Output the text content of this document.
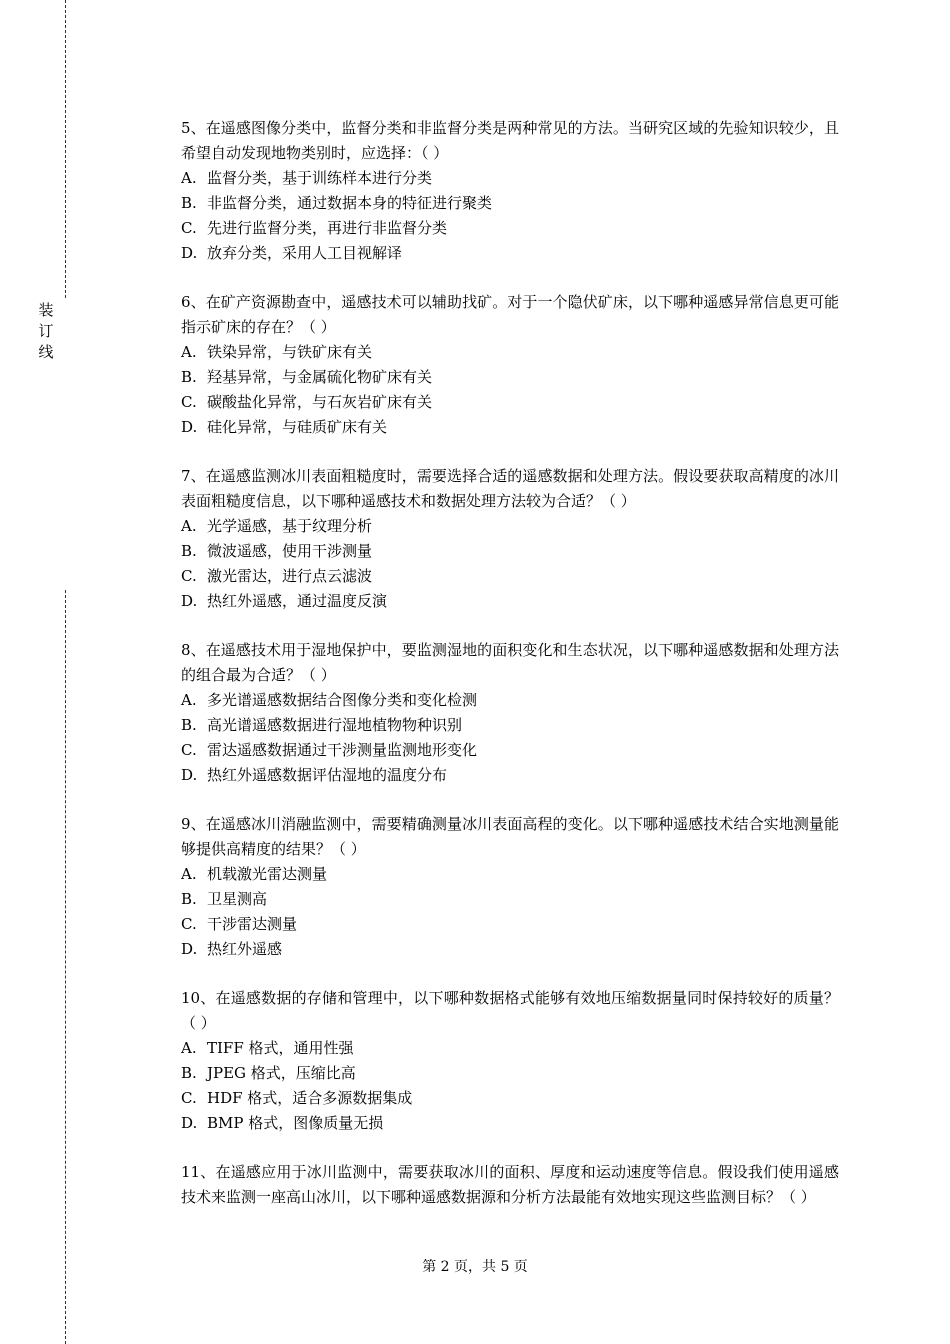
装
订
线
5、在遥感图像分类中，监督分类和非监督分类是两种常见的方法。当研究区域的先验知识较少，且希望自动发现地物类别时，应选择：（ ）
A. 监督分类，基于训练样本进行分类
B. 非监督分类，通过数据本身的特征进行聚类
C. 先进行监督分类，再进行非监督分类
D. 放弃分类，采用人工目视解译
6、在矿产资源勘查中，遥感技术可以辅助找矿。对于一个隐伏矿床，以下哪种遥感异常信息更可能指示矿床的存在？（ ）
A. 铁染异常，与铁矿床有关
B. 羟基异常，与金属硫化物矿床有关
C. 碳酸盐化异常，与石灰岩矿床有关
D. 硅化异常，与硅质矿床有关
7、在遥感监测冰川表面粗糙度时，需要选择合适的遥感数据和处理方法。假设要获取高精度的冰川表面粗糙度信息，以下哪种遥感技术和数据处理方法较为合适？（ ）
A. 光学遥感，基于纹理分析
B. 微波遥感，使用干涉测量
C. 激光雷达，进行点云滤波
D. 热红外遥感，通过温度反演
8、在遥感技术用于湿地保护中，要监测湿地的面积变化和生态状况，以下哪种遥感数据和处理方法的组合最为合适？（ ）
A. 多光谱遥感数据结合图像分类和变化检测
B. 高光谱遥感数据进行湿地植物物种识别
C. 雷达遥感数据通过干涉测量监测地形变化
D. 热红外遥感数据评估湿地的温度分布
9、在遥感冰川消融监测中，需要精确测量冰川表面高程的变化。以下哪种遥感技术结合实地测量能够提供高精度的结果？（ ）
A. 机载激光雷达测量
B. 卫星测高
C. 干涉雷达测量
D. 热红外遥感
10、在遥感数据的存储和管理中，以下哪种数据格式能够有效地压缩数据量同时保持较好的质量？（ ）
A. TIFF 格式，通用性强
B. JPEG 格式，压缩比高
C. HDF 格式，适合多源数据集成
D. BMP 格式，图像质量无损
11、在遥感应用于冰川监测中，需要获取冰川的面积、厚度和运动速度等信息。假设我们使用遥感技术来监测一座高山冰川，以下哪种遥感数据源和分析方法最能有效地实现这些监测目标？（ ）
第 2 页，共 5 页
